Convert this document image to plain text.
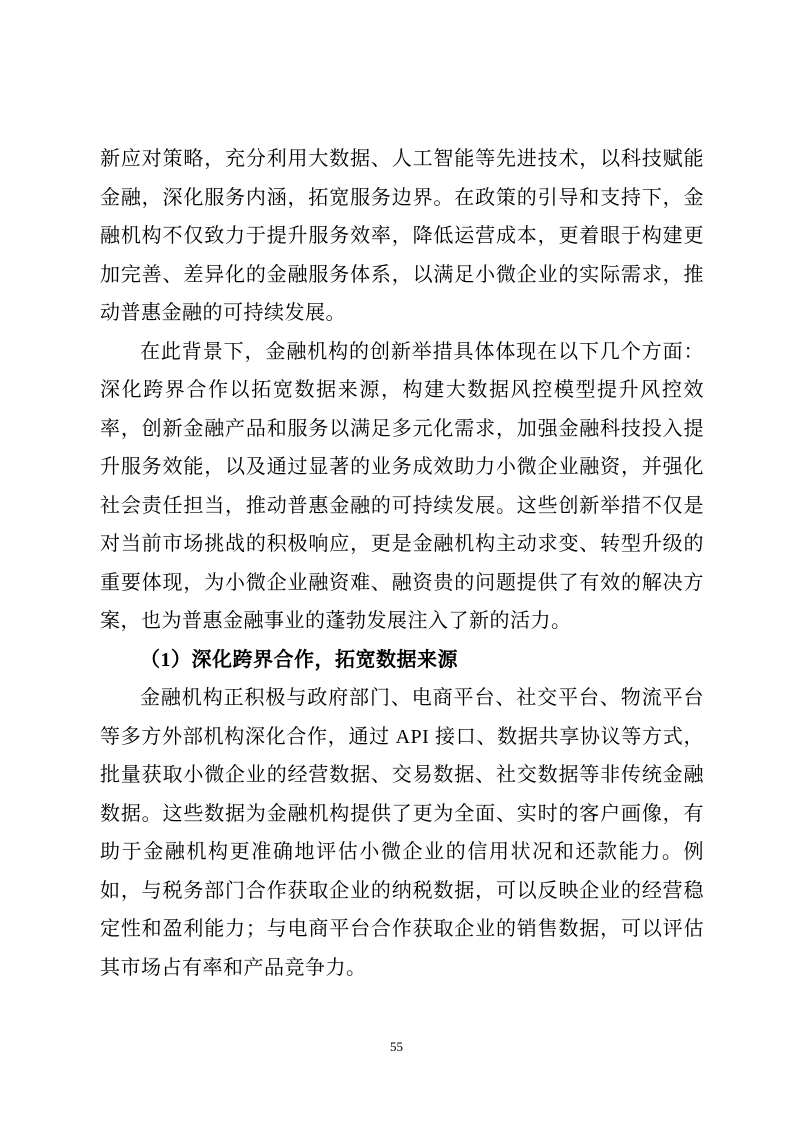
新应对策略，充分利用大数据、人工智能等先进技术，以科技赋能金融，深化服务内涵，拓宽服务边界。在政策的引导和支持下，金融机构不仅致力于提升服务效率，降低运营成本，更着眼于构建更加完善、差异化的金融服务体系，以满足小微企业的实际需求，推动普惠金融的可持续发展。

在此背景下，金融机构的创新举措具体体现在以下几个方面：深化跨界合作以拓宽数据来源，构建大数据风控模型提升风控效率，创新金融产品和服务以满足多元化需求，加强金融科技投入提升服务效能，以及通过显著的业务成效助力小微企业融资，并强化社会责任担当，推动普惠金融的可持续发展。这些创新举措不仅是对当前市场挑战的积极响应，更是金融机构主动求变、转型升级的重要体现，为小微企业融资难、融资贵的问题提供了有效的解决方案，也为普惠金融事业的蓬勃发展注入了新的活力。

（1）深化跨界合作，拓宽数据来源

金融机构正积极与政府部门、电商平台、社交平台、物流平台等多方外部机构深化合作，通过 API 接口、数据共享协议等方式，批量获取小微企业的经营数据、交易数据、社交数据等非传统金融数据。这些数据为金融机构提供了更为全面、实时的客户画像，有助于金融机构更准确地评估小微企业的信用状况和还款能力。例如，与税务部门合作获取企业的纳税数据，可以反映企业的经营稳定性和盈利能力；与电商平台合作获取企业的销售数据，可以评估其市场占有率和产品竞争力。

55
